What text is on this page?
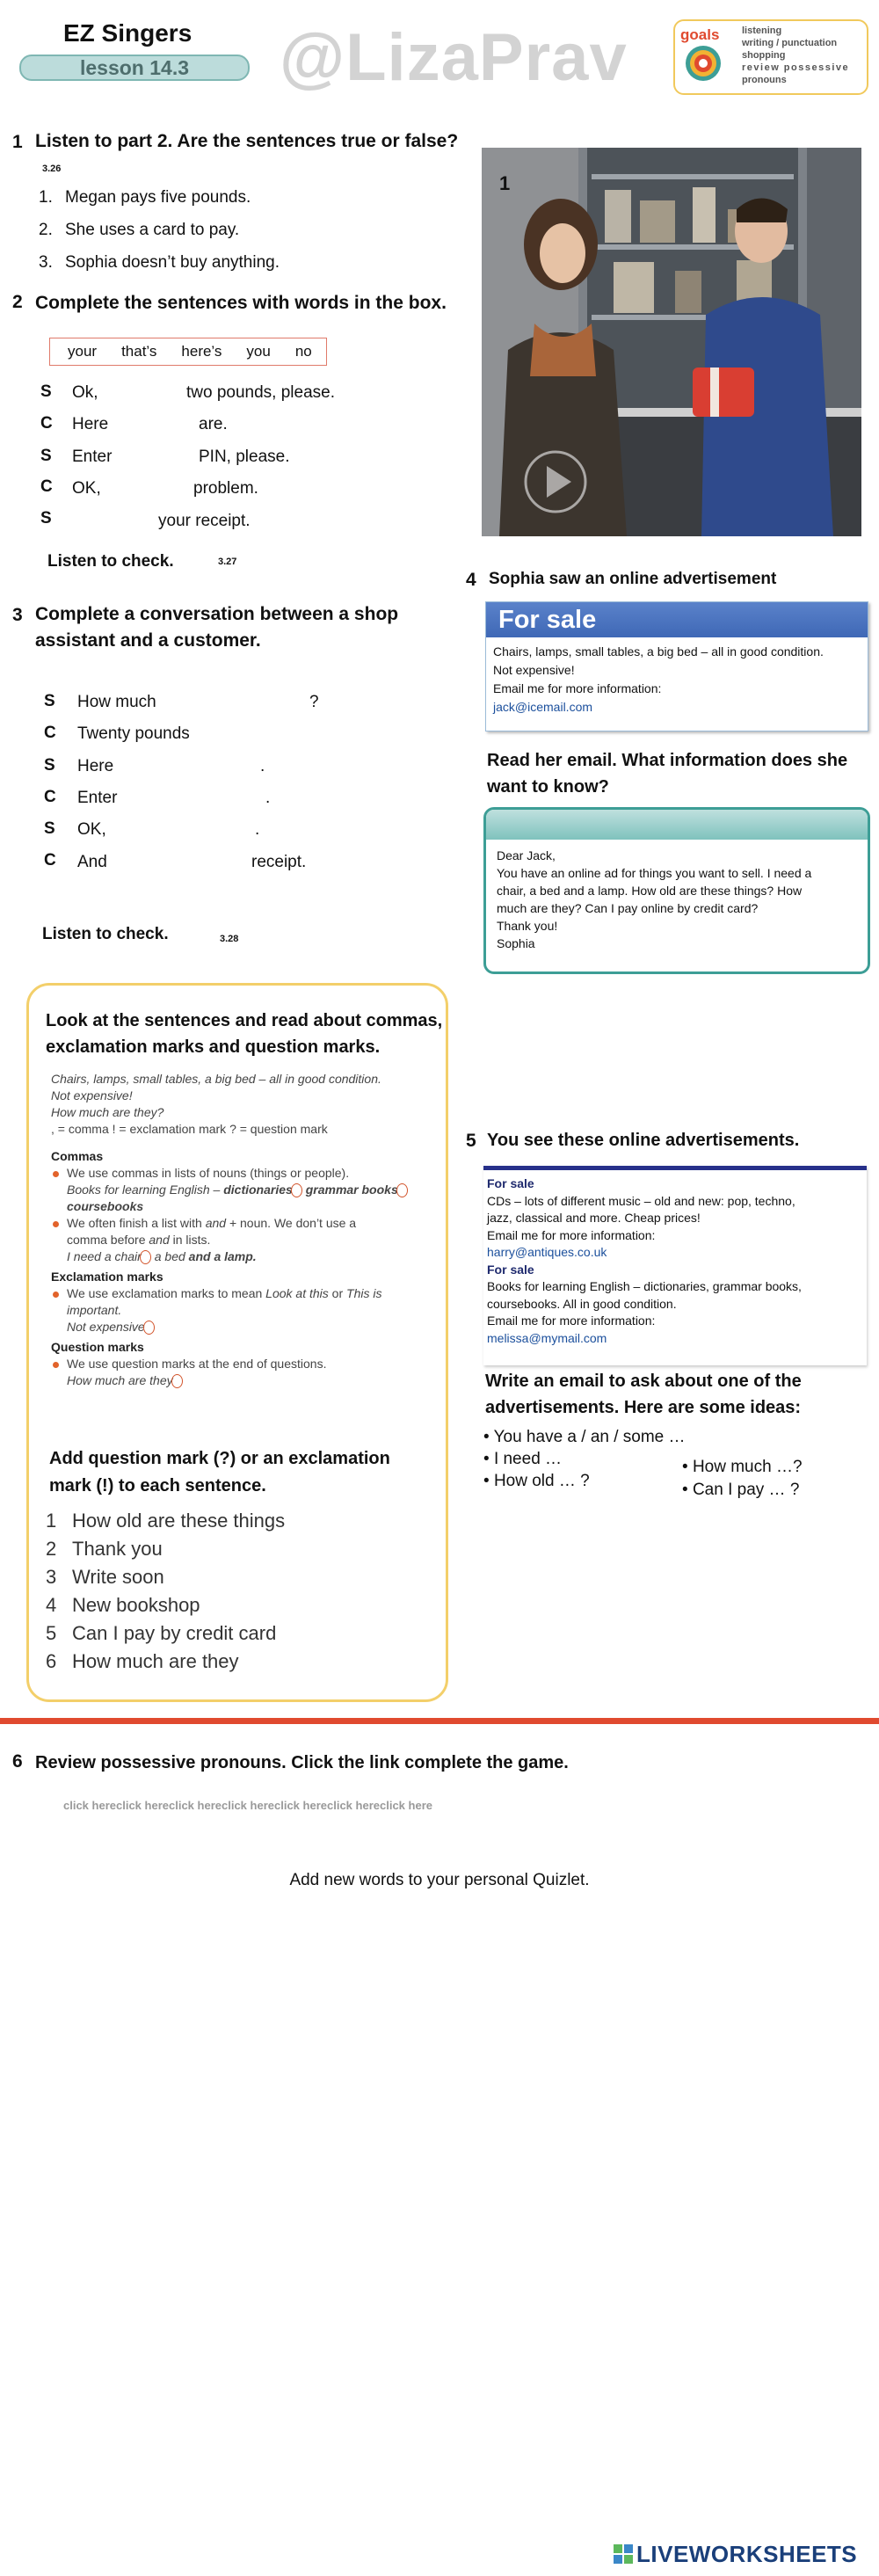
EZ Singers
lesson 14.3	@LizaPrav	goals listening
writing / punctuation
shopping
review possessive
pronouns
1 Listen to part 2. Are the sentences true or false?
3.26
1. Megan pays five pounds.
2. She uses a card to pay.
3. Sophia doesn’t buy anything.
2 Complete the sentences with words in the box.
your that’s here’s you no
S Ok,	two pounds, please.
C Here	are.
S Enter	PIN, please.
C OK,	problem.
S	your receipt.
Listen to check.	3.27
3 Complete a conversation between a shop
assistant and a customer.
S How much	?
C Twenty pounds
S Here	.
C Enter	.
S OK,	.
C And	receipt.
Listen to check.	3.28
1
4 Sophia saw an online advertisement
For sale
Chairs, lamps, small tables, a big bed – all in good condition.
Not expensive!
Email me for more information:
jack@icemail.com
Read her email. What information does she
want to know?
Dear Jack,
You have an online ad for things you want to sell. I need a
chair, a bed and a lamp. How old are these things? How
much are they? Can I pay online by credit card?
Thank you!
Sophia
Look at the sentences and read about commas,
exclamation marks and question marks.
Chairs, lamps, small tables, a big bed – all in good condition.
Not expensive!
How much are they?
, = comma ! = exclamation mark ? = question mark
Commas
We use commas in lists of nouns (things or people).
Books for learning English – dictionaries grammar books
coursebooks
We often finish a list with and + noun. We don’t use a
comma before and in lists.
I need a chair a bed and a lamp.
Exclamation marks
We use exclamation marks to mean Look at this or This is
important.
Not expensive
Question marks
We use question marks at the end of questions.
How much are they
Add question mark (?) or an exclamation
mark (!) to each sentence.
1 How old are these things
2 Thank you
3 Write soon
4 New bookshop
5 Can I pay by credit card
6 How much are they
5 You see these online advertisements.
For sale
CDs – lots of different music – old and new: pop, techno,
jazz, classical and more. Cheap prices!
Email me for more information:
harry@antiques.co.uk
For sale
Books for learning English – dictionaries, grammar books,
coursebooks. All in good condition.
Email me for more information:
melissa@mymail.com
Write an email to ask about one of the
advertisements. Here are some ideas:
• You have a / an / some …
• I need …
• How old … ?
• How much …?
• Can I pay … ?
6 Review possessive pronouns. Click the link complete the game.
click hereclick hereclick hereclick hereclick hereclick hereclick here
Add new words to your personal Quizlet.
LIVEWORKSHEETS
